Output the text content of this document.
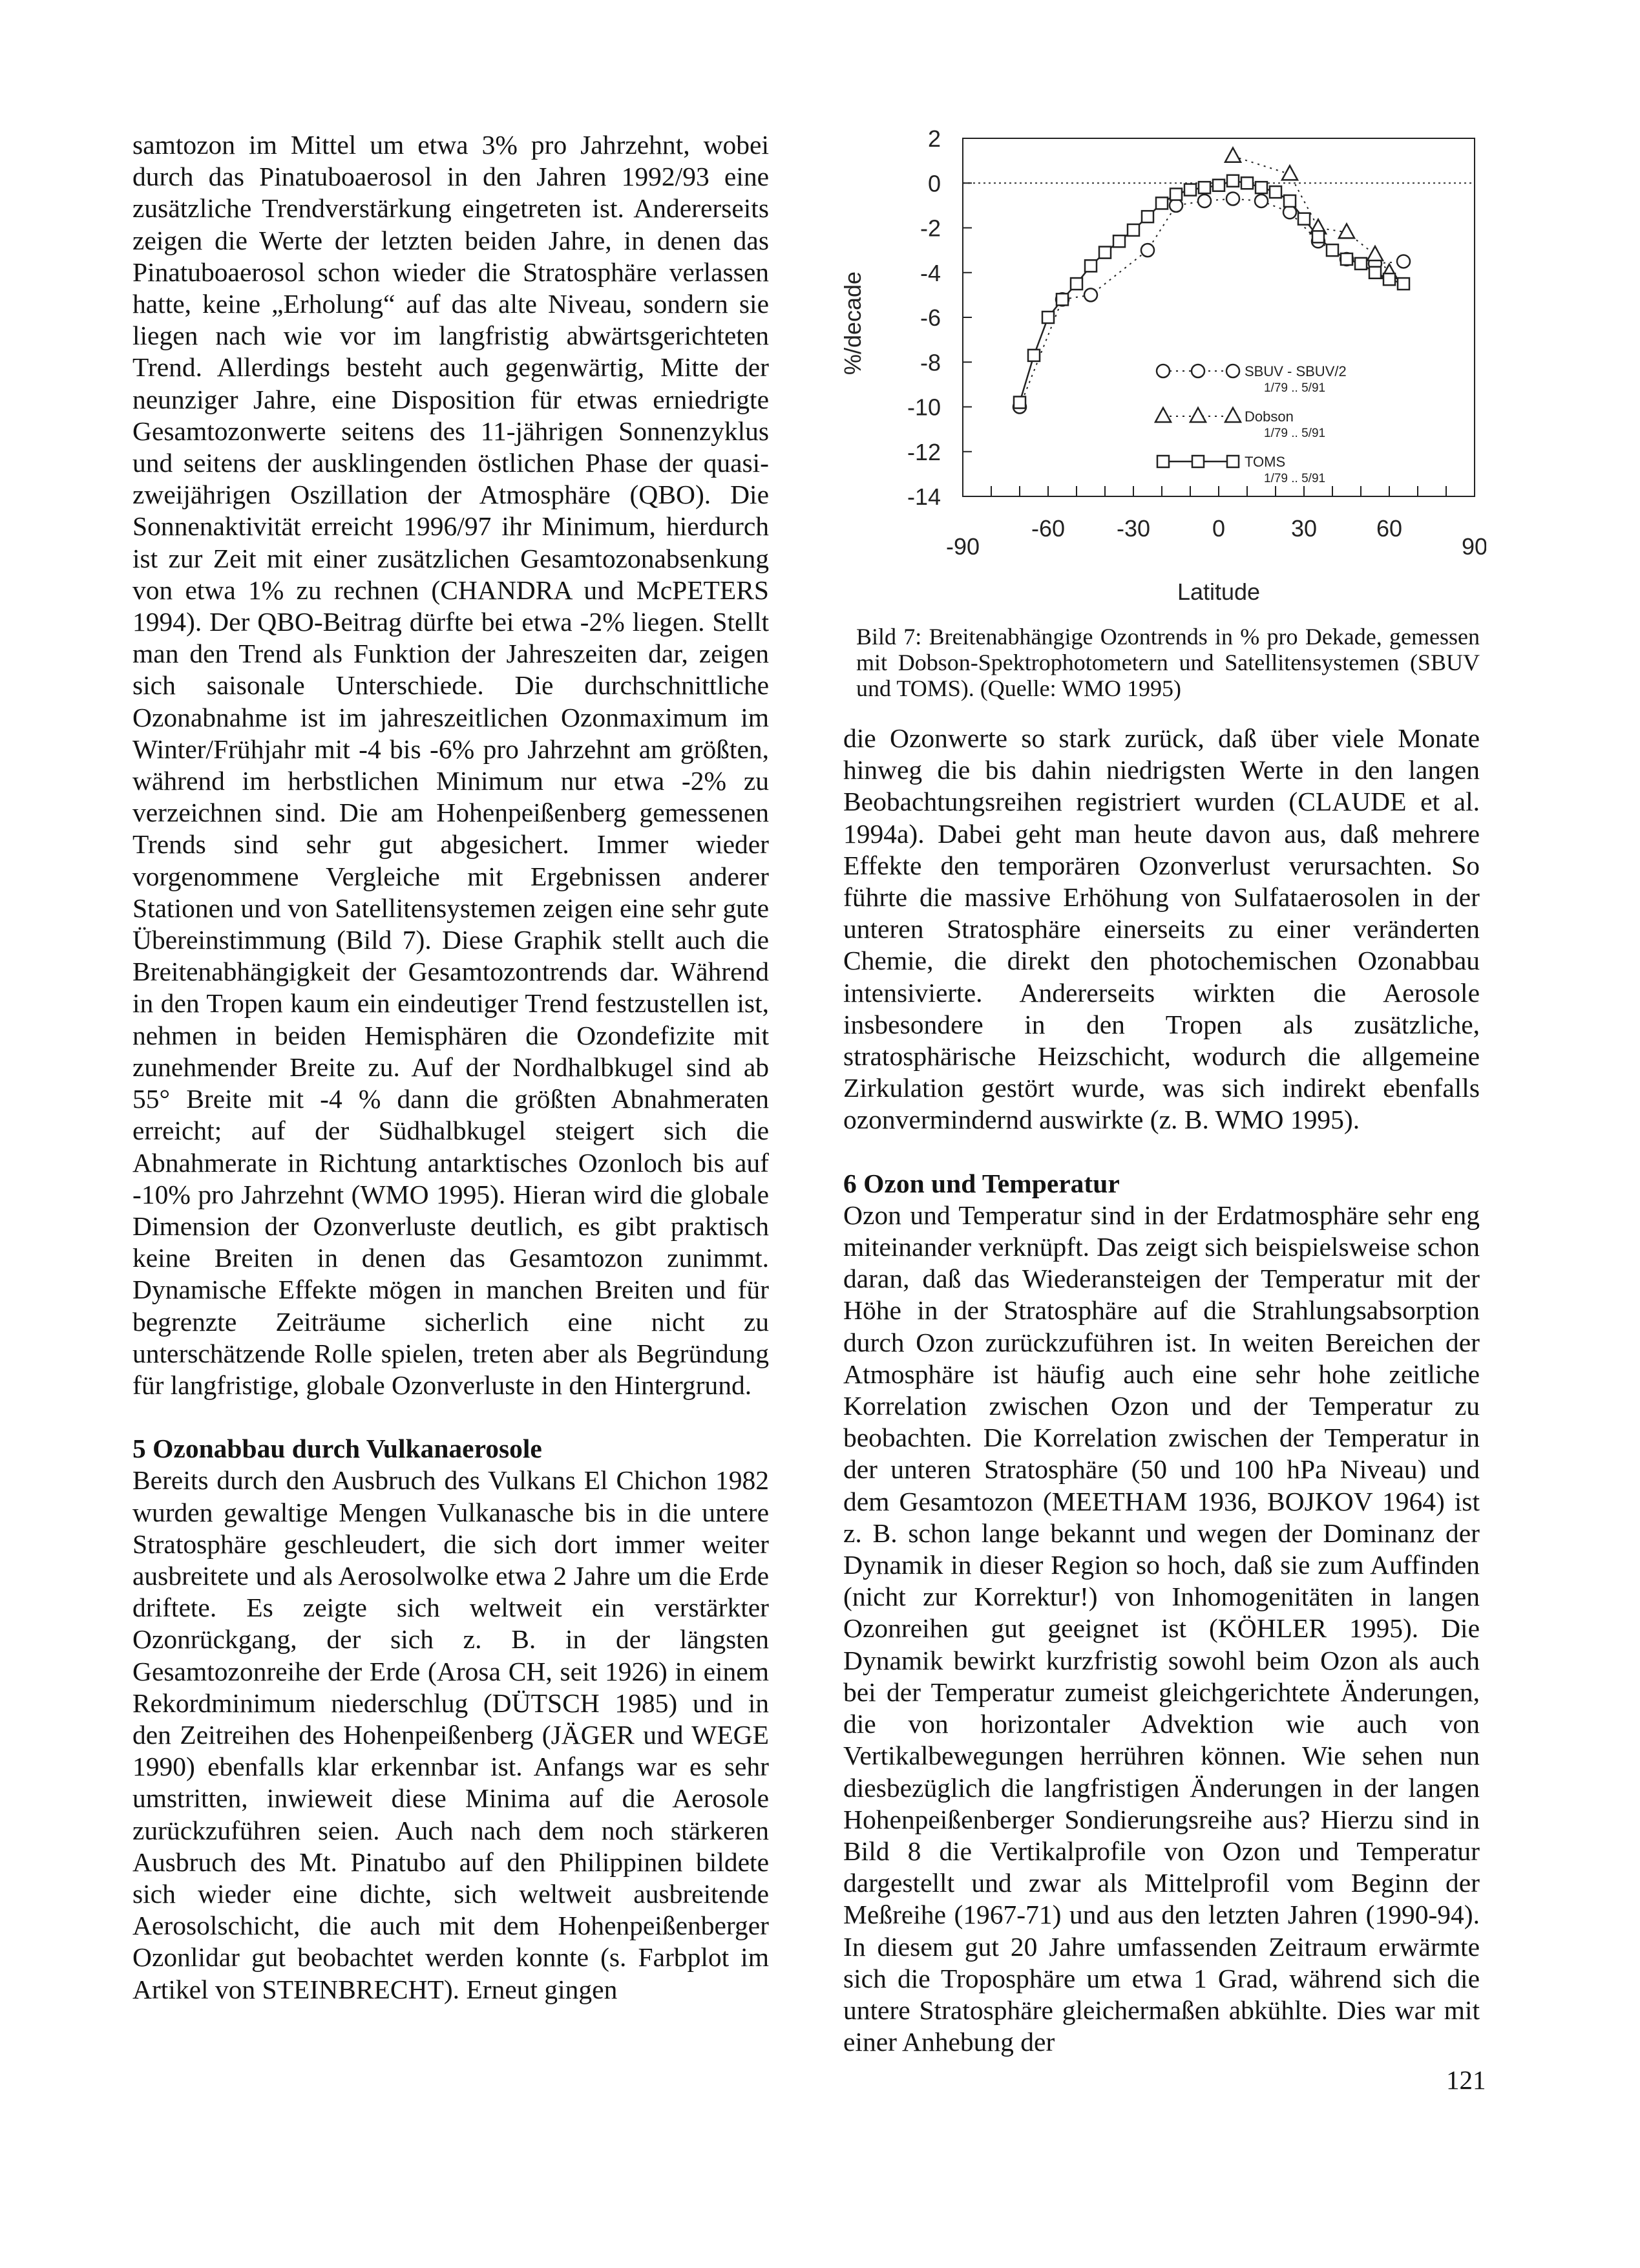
samtozon im Mittel um etwa 3% pro Jahrzehnt, wobei durch das Pinatuboaerosol in den Jahren 1992/93 eine zusätzliche Trendverstärkung eingetreten ist. Andererseits zeigen die Werte der letzten beiden Jahre, in denen das Pinatuboaerosol schon wieder die Stratosphäre verlassen hatte, keine „Erholung“ auf das alte Niveau, sondern sie liegen nach wie vor im langfristig abwärtsgerichteten Trend. Allerdings besteht auch gegenwärtig, Mitte der neunziger Jahre, eine Disposition für etwas erniedrigte Gesamtozonwerte seitens des 11-jährigen Sonnenzyklus und seitens der ausklingenden östlichen Phase der quasi-zweijährigen Oszillation der Atmosphäre (QBO). Die Sonnenaktivität erreicht 1996/97 ihr Minimum, hierdurch ist zur Zeit mit einer zusätzlichen Gesamtozonabsenkung von etwa 1% zu rechnen (CHANDRA und McPETERS 1994). Der QBO-Beitrag dürfte bei etwa -2% liegen. Stellt man den Trend als Funktion der Jahreszeiten dar, zeigen sich saisonale Unterschiede. Die durchschnittliche Ozonabnahme ist im jahreszeitlichen Ozonmaximum im Winter/Frühjahr mit -4 bis -6% pro Jahrzehnt am größten, während im herbstlichen Minimum nur etwa -2% zu verzeichnen sind. Die am Hohenpeißenberg gemessenen Trends sind sehr gut abgesichert. Immer wieder vorgenommene Vergleiche mit Ergebnissen anderer Stationen und von Satellitensystemen zeigen eine sehr gute Übereinstimmung (Bild 7). Diese Graphik stellt auch die Breitenabhängigkeit der Gesamtozontrends dar. Während in den Tropen kaum ein eindeutiger Trend festzustellen ist, nehmen in beiden Hemisphären die Ozondefizite mit zunehmender Breite zu. Auf der Nordhalbkugel sind ab 55° Breite mit -4 % dann die größten Abnahmeraten erreicht; auf der Südhalbkugel steigert sich die Abnahmerate in Richtung antarktisches Ozonloch bis auf -10% pro Jahrzehnt (WMO 1995). Hieran wird die globale Dimension der Ozonverluste deutlich, es gibt praktisch keine Breiten in denen das Gesamtozon zunimmt. Dynamische Effekte mögen in manchen Breiten und für begrenzte Zeiträume sicherlich eine nicht zu unterschätzende Rolle spielen, treten aber als Begründung für langfristige, globale Ozonverluste in den Hintergrund.

5 Ozonabbau durch Vulkanaerosole

Bereits durch den Ausbruch des Vulkans El Chichon 1982 wurden gewaltige Mengen Vulkanasche bis in die untere Stratosphäre geschleudert, die sich dort immer weiter ausbreitete und als Aerosolwolke etwa 2 Jahre um die Erde driftete. Es zeigte sich weltweit ein verstärkter Ozonrückgang, der sich z. B. in der längsten Gesamtozonreihe der Erde (Arosa CH, seit 1926) in einem Rekordminimum niederschlug (DÜTSCH 1985) und in den Zeitreihen des Hohenpeißenberg (JÄGER und WEGE 1990) ebenfalls klar erkennbar ist. Anfangs war es sehr umstritten, inwieweit diese Minima auf die Aerosole zurückzuführen seien. Auch nach dem noch stärkeren Ausbruch des Mt. Pinatubo auf den Philippinen bildete sich wieder eine dichte, sich weltweit ausbreitende Aerosolschicht, die auch mit dem Hohenpeißenberger Ozonlidar gut beobachtet werden konnte (s. Farbplot im Artikel von STEINBRECHT). Erneut gingen

2
0
-2
-4
-6
-8
-10
-12
-14
-90
-60 -30	0	30	60
90
SBUV - SBUV/2
1/79 .. 5/91
Dobson
1/79 .. 5/91
TOMS
1/79 .. 5/91
Latitude
%/decade

Bild 7: Breitenabhängige Ozontrends in % pro Dekade, gemessen mit Dobson-Spektrophotometern und Satellitensystemen (SBUV und TOMS). (Quelle: WMO 1995)

die Ozonwerte so stark zurück, daß über viele Monate hinweg die bis dahin niedrigsten Werte in den langen Beobachtungsreihen registriert wurden (CLAUDE et al. 1994a). Dabei geht man heute davon aus, daß mehrere Effekte den temporären Ozonverlust verursachten. So führte die massive Erhöhung von Sulfataerosolen in der unteren Stratosphäre einerseits zu einer veränderten Chemie, die direkt den photochemischen Ozonabbau intensivierte. Andererseits wirkten die Aerosole insbesondere in den Tropen als zusätzliche, stratosphärische Heizschicht, wodurch die allgemeine Zirkulation gestört wurde, was sich indirekt ebenfalls ozonvermindernd auswirkte (z. B. WMO 1995).

6 Ozon und Temperatur

Ozon und Temperatur sind in der Erdatmosphäre sehr eng miteinander verknüpft. Das zeigt sich beispielsweise schon daran, daß das Wiederansteigen der Temperatur mit der Höhe in der Stratosphäre auf die Strahlungsabsorption durch Ozon zurückzuführen ist. In weiten Bereichen der Atmosphäre ist häufig auch eine sehr hohe zeitliche Korrelation zwischen Ozon und der Temperatur zu beobachten. Die Korrelation zwischen der Temperatur in der unteren Stratosphäre (50 und 100 hPa Niveau) und dem Gesamtozon (MEETHAM 1936, BOJKOV 1964) ist z. B. schon lange bekannt und wegen der Dominanz der Dynamik in dieser Region so hoch, daß sie zum Auffinden (nicht zur Korrektur!) von Inhomogenitäten in langen Ozonreihen gut geeignet ist (KÖHLER 1995). Die Dynamik bewirkt kurzfristig sowohl beim Ozon als auch bei der Temperatur zumeist gleichgerichtete Änderungen, die von horizontaler Advektion wie auch von Vertikalbewegungen herrühren können. Wie sehen nun diesbezüglich die langfristigen Änderungen in der langen Hohenpeißenberger Sondierungsreihe aus? Hierzu sind in Bild 8 die Vertikalprofile von Ozon und Temperatur dargestellt und zwar als Mittelprofil vom Beginn der Meßreihe (1967-71) und aus den letzten Jahren (1990-94). In diesem gut 20 Jahre umfassenden Zeitraum erwärmte sich die Troposphäre um etwa 1 Grad, während sich die untere Stratosphäre gleichermaßen abkühlte. Dies war mit einer Anhebung der

121
